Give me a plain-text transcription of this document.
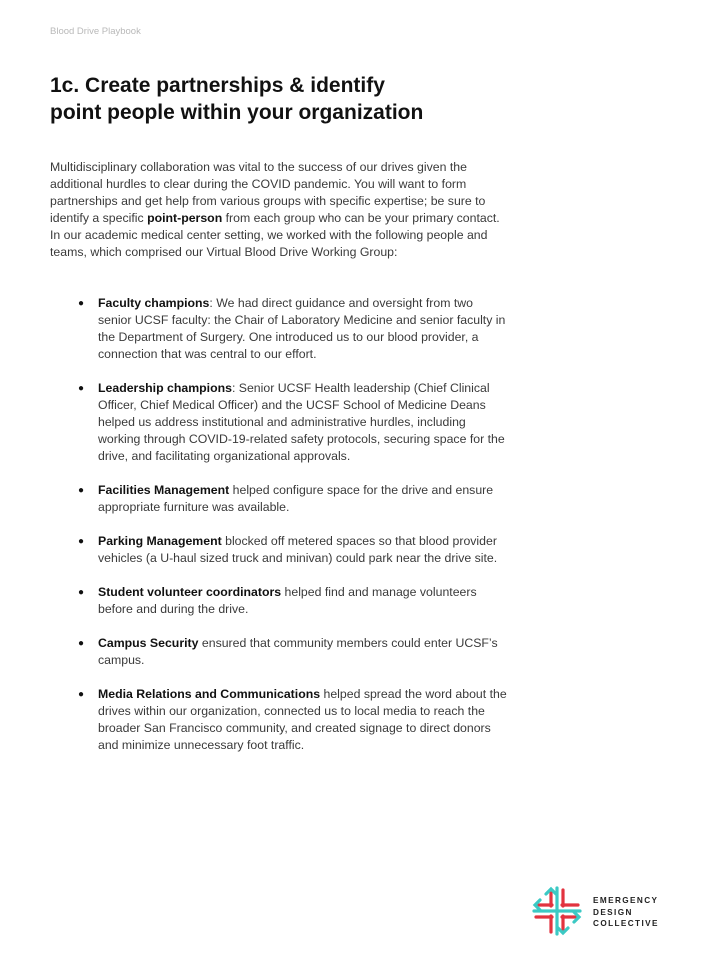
Blood Drive Playbook

1c. Create partnerships & identify
point people within your organization

Multidisciplinary collaboration was vital to the success of our drives given the additional hurdles to clear during the COVID pandemic. You will want to form partnerships and get help from various groups with specific expertise; be sure to identify a specific point-person from each group who can be your primary contact. In our academic medical center setting, we worked with the following people and teams, which comprised our Virtual Blood Drive Working Group:

● Faculty champions: We had direct guidance and oversight from two senior UCSF faculty: the Chair of Laboratory Medicine and senior faculty in the Department of Surgery. One introduced us to our blood provider, a connection that was central to our effort.
● Leadership champions: Senior UCSF Health leadership (Chief Clinical Officer, Chief Medical Officer) and the UCSF School of Medicine Deans helped us address institutional and administrative hurdles, including working through COVID-19-related safety protocols, securing space for the drive, and facilitating organizational approvals.
● Facilities Management helped configure space for the drive and ensure appropriate furniture was available.
● Parking Management blocked off metered spaces so that blood provider vehicles (a U-haul sized truck and minivan) could park near the drive site.
● Student volunteer coordinators helped find and manage volunteers before and during the drive.
● Campus Security ensured that community members could enter UCSF’s campus.
● Media Relations and Communications helped spread the word about the drives within our organization, connected us to local media to reach the broader San Francisco community, and created signage to direct donors and minimize unnecessary foot traffic.
EMERGENCY
DESIGN
COLLECTIVE
